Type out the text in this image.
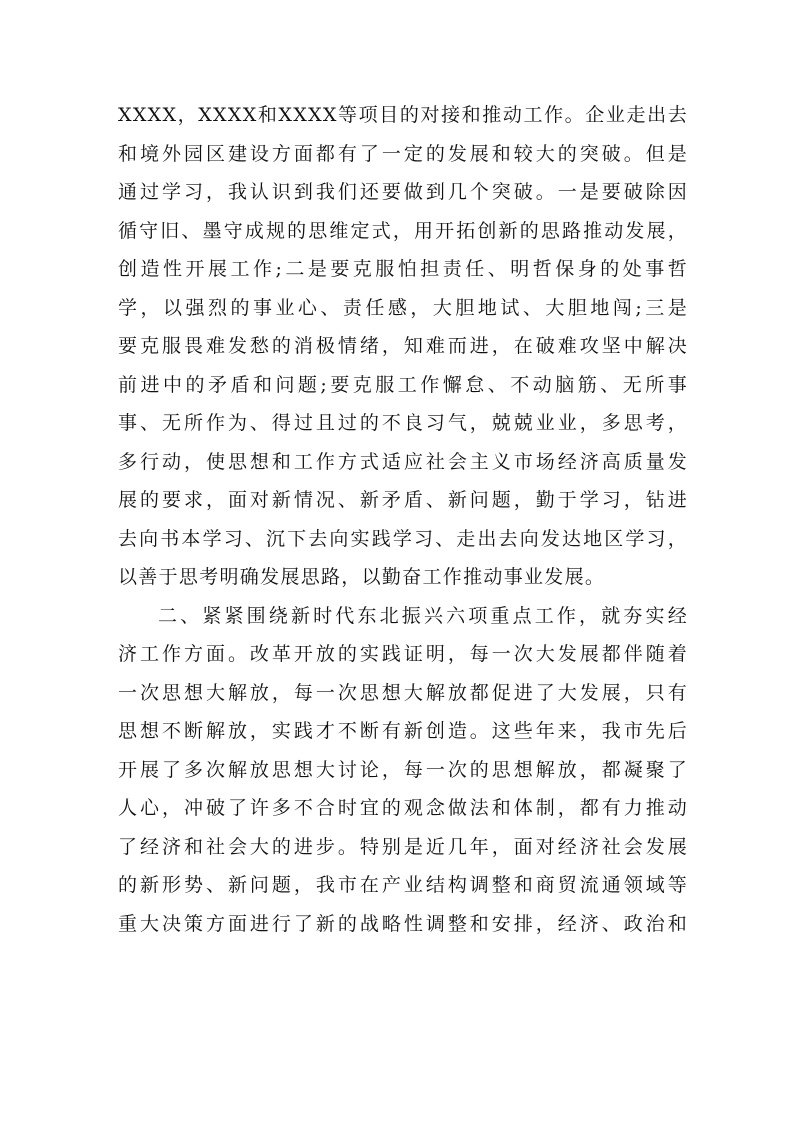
XXXX，XXXX和XXXX等项目的对接和推动工作。企业走出去
和境外园区建设方面都有了一定的发展和较大的突破。但是
通过学习，我认识到我们还要做到几个突破。一是要破除因
循守旧、墨守成规的思维定式，用开拓创新的思路推动发展，
创造性开展工作;二是要克服怕担责任、明哲保身的处事哲
学，以强烈的事业心、责任感，大胆地试、大胆地闯;三是
要克服畏难发愁的消极情绪，知难而进，在破难攻坚中解决
前进中的矛盾和问题;要克服工作懈怠、不动脑筋、无所事
事、无所作为、得过且过的不良习气，兢兢业业，多思考，
多行动，使思想和工作方式适应社会主义市场经济高质量发
展的要求，面对新情况、新矛盾、新问题，勤于学习，钻进
去向书本学习、沉下去向实践学习、走出去向发达地区学习，
以善于思考明确发展思路，以勤奋工作推动事业发展。
二、紧紧围绕新时代东北振兴六项重点工作，就夯实经
济工作方面。改革开放的实践证明，每一次大发展都伴随着
一次思想大解放，每一次思想大解放都促进了大发展，只有
思想不断解放，实践才不断有新创造。这些年来，我市先后
开展了多次解放思想大讨论，每一次的思想解放，都凝聚了
人心，冲破了许多不合时宜的观念做法和体制，都有力推动
了经济和社会大的进步。特别是近几年，面对经济社会发展
的新形势、新问题，我市在产业结构调整和商贸流通领域等
重大决策方面进行了新的战略性调整和安排，经济、政治和
